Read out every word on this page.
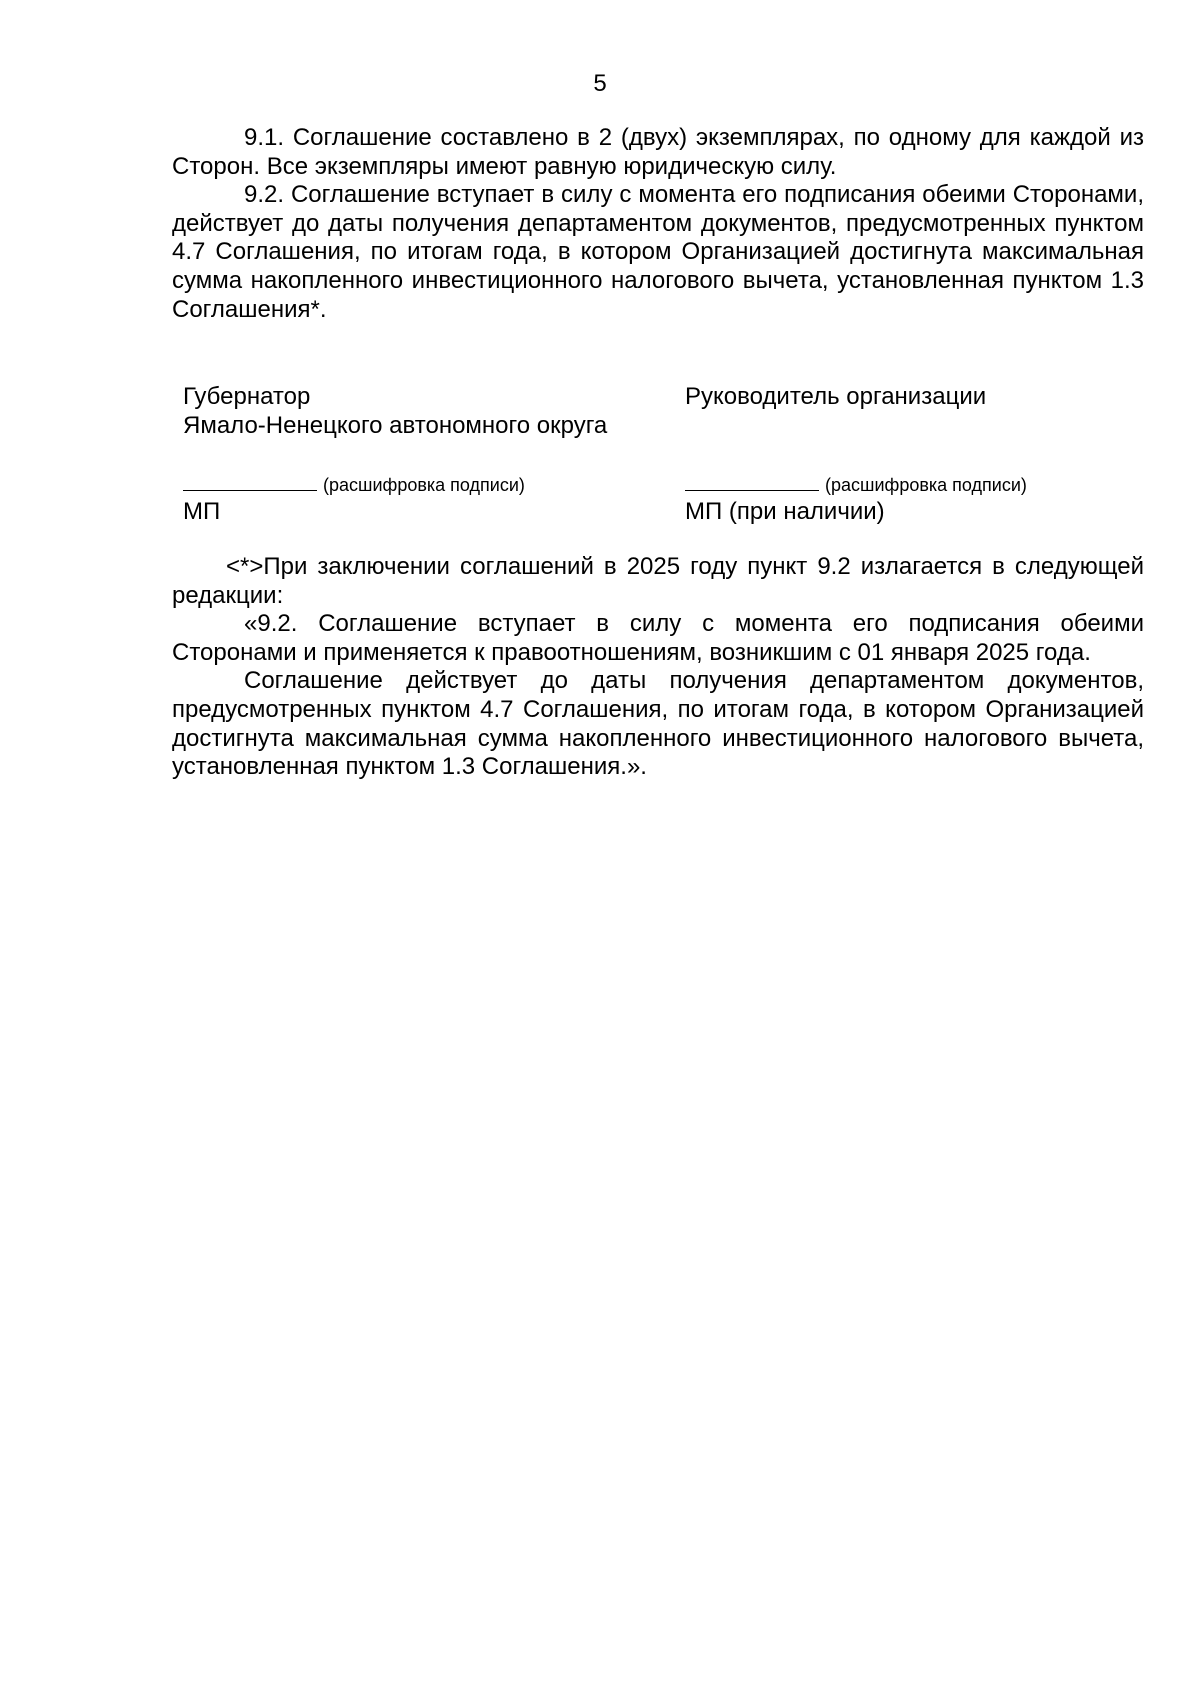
5

9.1. Соглашение составлено в 2 (двух) экземплярах, по одному для каждой из Сторон. Все экземпляры имеют равную юридическую силу.

9.2. Соглашение вступает в силу с момента его подписания обеими Сторонами, действует до даты получения департаментом документов, предусмотренных пунктом 4.7 Соглашения, по итогам года, в котором Организацией достигнута максимальная сумма накопленного инвестиционного налогового вычета, установленная пунктом 1.3 Соглашения*.

Губернатор
Ямало-Ненецкого автономного округа
Руководитель организации
(расшифровка подписи)	(расшифровка подписи)
МП	МП (при наличии)

<*>При заключении соглашений в 2025 году пункт 9.2 излагается в следующей редакции:

«9.2. Соглашение вступает в силу с момента его подписания обеими Сторонами и применяется к правоотношениям, возникшим с 01 января 2025 года.

Соглашение действует до даты получения департаментом документов, предусмотренных пунктом 4.7 Соглашения, по итогам года, в котором Организацией достигнута максимальная сумма накопленного инвестиционного налогового вычета, установленная пунктом 1.3 Соглашения.».
